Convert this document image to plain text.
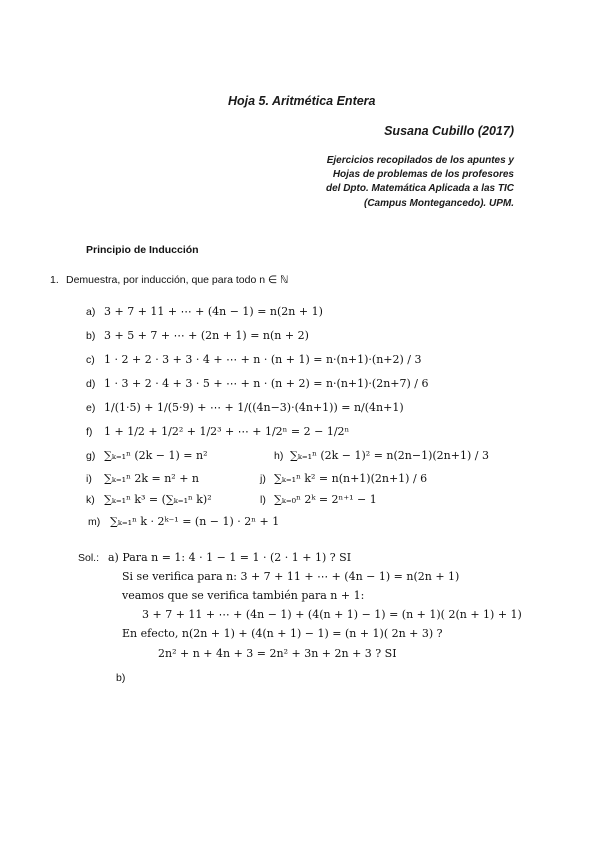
Hoja 5. Aritmética Entera
Susana Cubillo (2017)
Ejercicios recopilados de los apuntes y
Hojas de problemas de los profesores
del Dpto. Matemática Aplicada a las TIC
(Campus Montegancedo). UPM.
Principio de Inducción
1. Demuestra, por inducción, que para todo n ∈ ℕ
a) 3 + 7 + 11 + ⋯ + (4n − 1) = n(2n + 1)
b) 3 + 5 + 7 + ⋯ + (2n + 1) = n(n + 2)
c) 1 · 2 + 2 · 3 + 3 · 4 + ⋯ + n · (n + 1) = n·(n+1)·(n+2) / 3
d) 1 · 3 + 2 · 4 + 3 · 5 + ⋯ + n · (n + 2) = n·(n+1)·(2n+7) / 6
e) 1/(1·5) + 1/(5·9) + ⋯ + 1/((4n−3)·(4n+1)) = n/(4n+1)
f) 1 + 1/2 + 1/2² + 1/2³ + ⋯ + 1/2ⁿ = 2 − 1/2ⁿ
g) ∑ₖ₌₁ⁿ (2k − 1) = n²	h) ∑ₖ₌₁ⁿ (2k − 1)² = n(2n−1)(2n+1) / 3
i) ∑ₖ₌₁ⁿ 2k = n² + n	j) ∑ₖ₌₁ⁿ k² = n(n+1)(2n+1) / 6
k) ∑ₖ₌₁ⁿ k³ = (∑ₖ₌₁ⁿ k)²	l) ∑ₖ₌₀ⁿ 2ᵏ = 2ⁿ⁺¹ − 1
m) ∑ₖ₌₁ⁿ k · 2ᵏ⁻¹ = (n − 1) · 2ⁿ + 1
Sol.: a) Para n = 1: 4 · 1 − 1 = 1 · (2 · 1 + 1) ? SI
Si se verifica para n: 3 + 7 + 11 + ⋯ + (4n − 1) = n(2n + 1)
veamos que se verifica también para n + 1:
3 + 7 + 11 + ⋯ + (4n − 1) + (4(n + 1) − 1) = (n + 1)( 2(n + 1) + 1)
En efecto, n(2n + 1) + (4(n + 1) − 1) = (n + 1)( 2n + 3) ?
2n² + n + 4n + 3 = 2n² + 3n + 2n + 3 ? SI
b)
